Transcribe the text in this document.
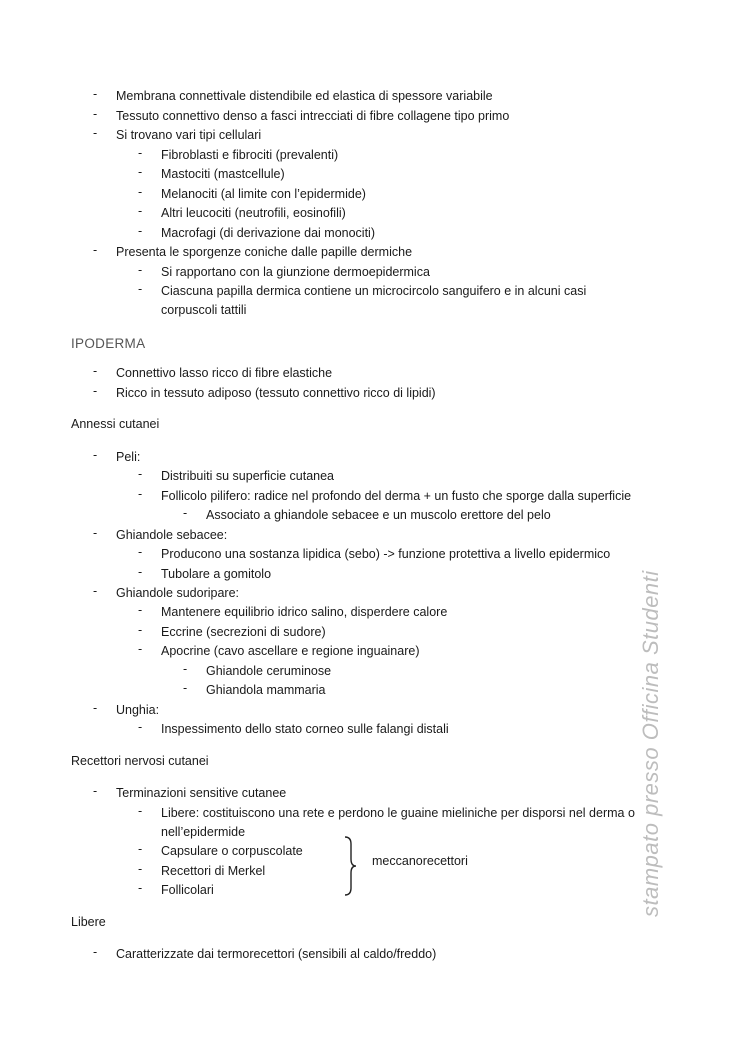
- Membrana connettivale distendibile ed elastica di spessore variabile
- Tessuto connettivo denso a fasci intrecciati di fibre collagene tipo primo
- Si trovano vari tipi cellulari
- Fibroblasti e fibrociti (prevalenti)
- Mastociti (mastcellule)
- Melanociti (al limite con l’epidermide)
- Altri leucociti (neutrofili, eosinofili)
- Macrofagi (di derivazione dai monociti)
- Presenta le sporgenze coniche dalle papille dermiche
- Si rapportano con la giunzione dermoepidermica
- Ciascuna papilla dermica contiene un microcircolo sanguifero e in alcuni casi
corpuscoli tattili
IPODERMA
- Connettivo lasso ricco di fibre elastiche
- Ricco in tessuto adiposo (tessuto connettivo ricco di lipidi)
Annessi cutanei
- Peli:
- Distribuiti su superficie cutanea
- Follicolo pilifero: radice nel profondo del derma + un fusto che sporge dalla superficie
- Associato a ghiandole sebacee e un muscolo erettore del pelo
- Ghiandole sebacee:
- Producono una sostanza lipidica (sebo) -> funzione protettiva a livello epidermico
- Tubolare a gomitolo
- Ghiandole sudoripare:
- Mantenere equilibrio idrico salino, disperdere calore
- Eccrine (secrezioni di sudore)
- Apocrine (cavo ascellare e regione inguainare)
- Ghiandole ceruminose
- Ghiandola mammaria
- Unghia:
- Inspessimento dello stato corneo sulle falangi distali
Recettori nervosi cutanei
- Terminazioni sensitive cutanee
- Libere: costituiscono una rete e perdono le guaine mieliniche per disporsi nel derma o
nell’epidermide
- Capsulare o corpuscolate
- Recettori di Merkel
- Follicolari
meccanorecettori
Libere
- Caratterizzate dai termorecettori (sensibili al caldo/freddo)
stampato presso Officina Studenti
